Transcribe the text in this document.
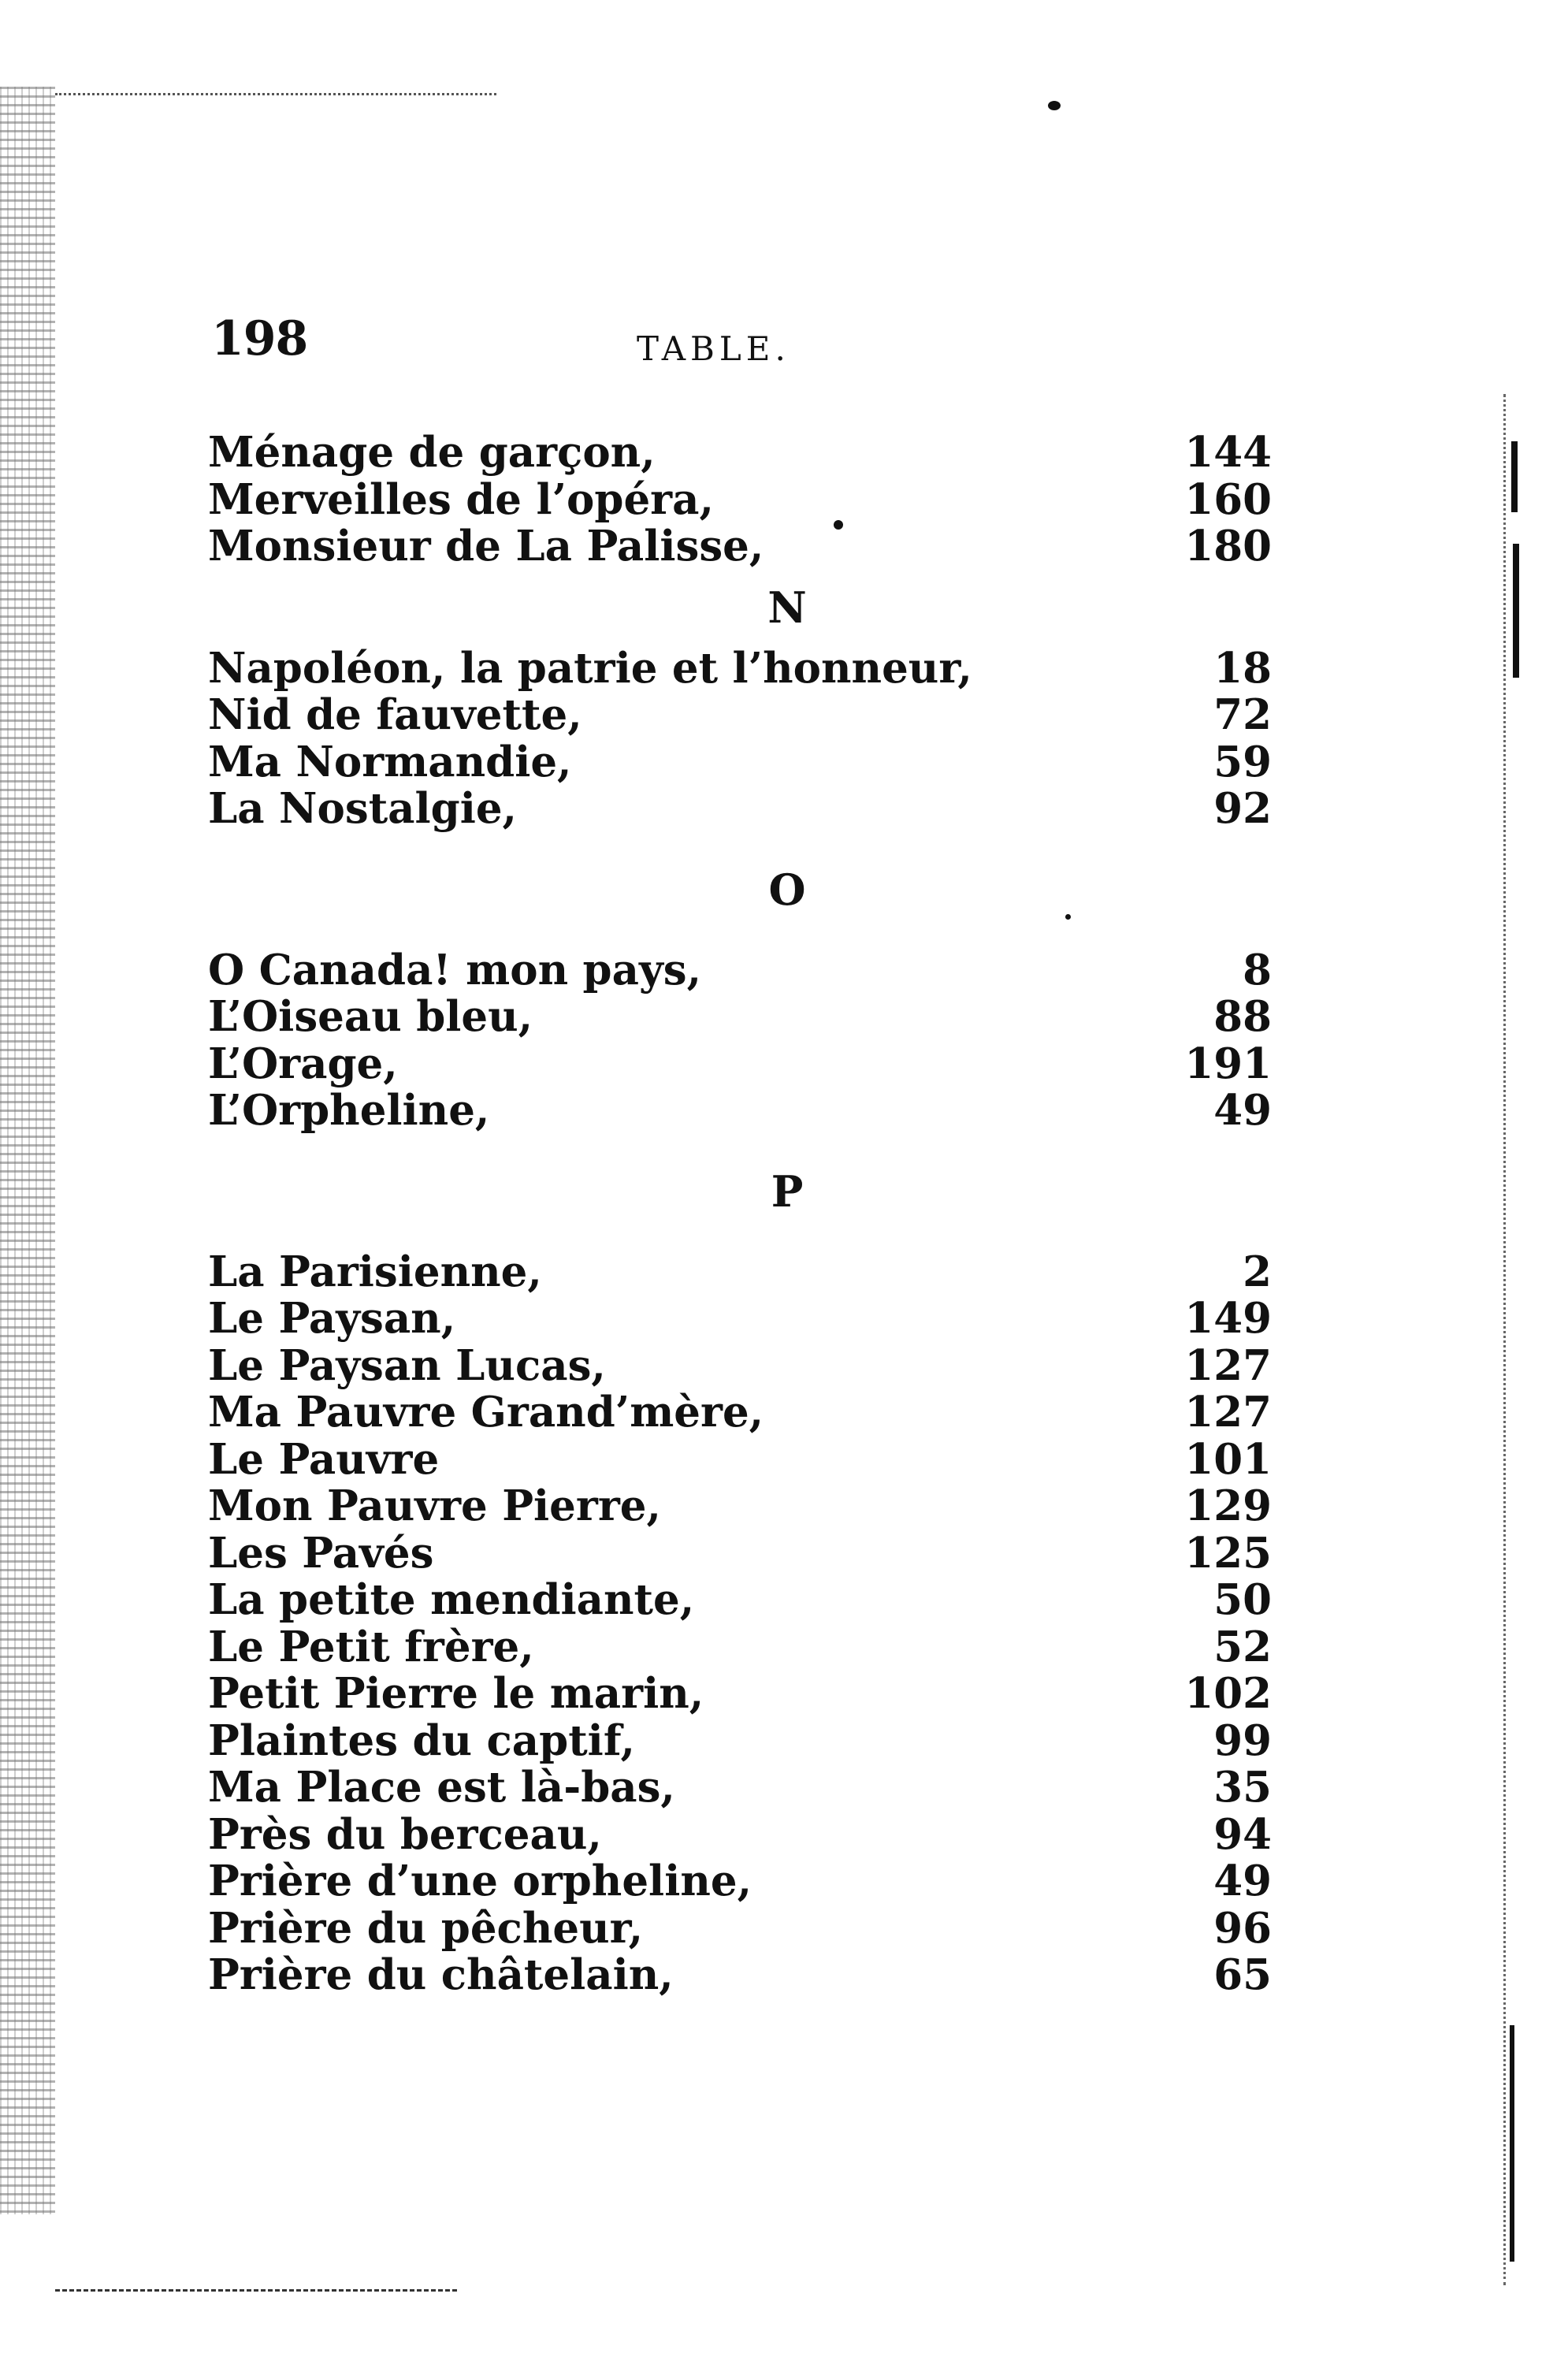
198	TABLE.
Ménage de garçon,	144
Merveilles de l’opéra,	160
Monsieur de La Palisse,	180
N
Napoléon, la patrie et l’honneur,	18
Nid de fauvette,	72
Ma Normandie,	59
La Nostalgie,	92
O
O Canada! mon pays,	8
L’Oiseau bleu,	88
L’Orage,	191
L’Orpheline,	49
P
La Parisienne,	2
Le Paysan,	149
Le Paysan Lucas,	127
Ma Pauvre Grand’mère,	127
Le Pauvre	101
Mon Pauvre Pierre,	129
Les Pavés	125
La petite mendiante,	50
Le Petit frère,	52
Petit Pierre le marin,	102
Plaintes du captif,	99
Ma Place est là-bas,	35
Près du berceau,	94
Prière d’une orpheline,	49
Prière du pêcheur,	96
Prière du châtelain,	65
